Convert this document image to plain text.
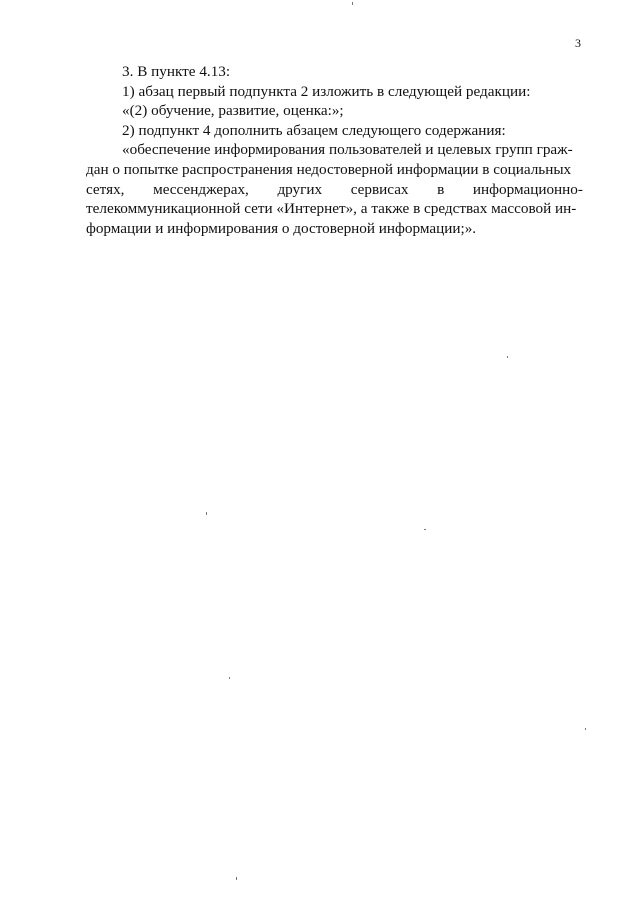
3

3. В пункте 4.13:

1) абзац первый подпункта 2 изложить в следующей редакции:

«(2) обучение, развитие, оценка:»;

2) подпункт 4 дополнить абзацем следующего содержания:

«обеспечение информирования пользователей и целевых групп граж-

дан о попытке распространения недостоверной информации в социальных

сетях, мессенджерах, других сервисах в информационно-

телекоммуникационной сети «Интернет», а также в средствах массовой ин-

формации и информирования о достоверной информации;».
